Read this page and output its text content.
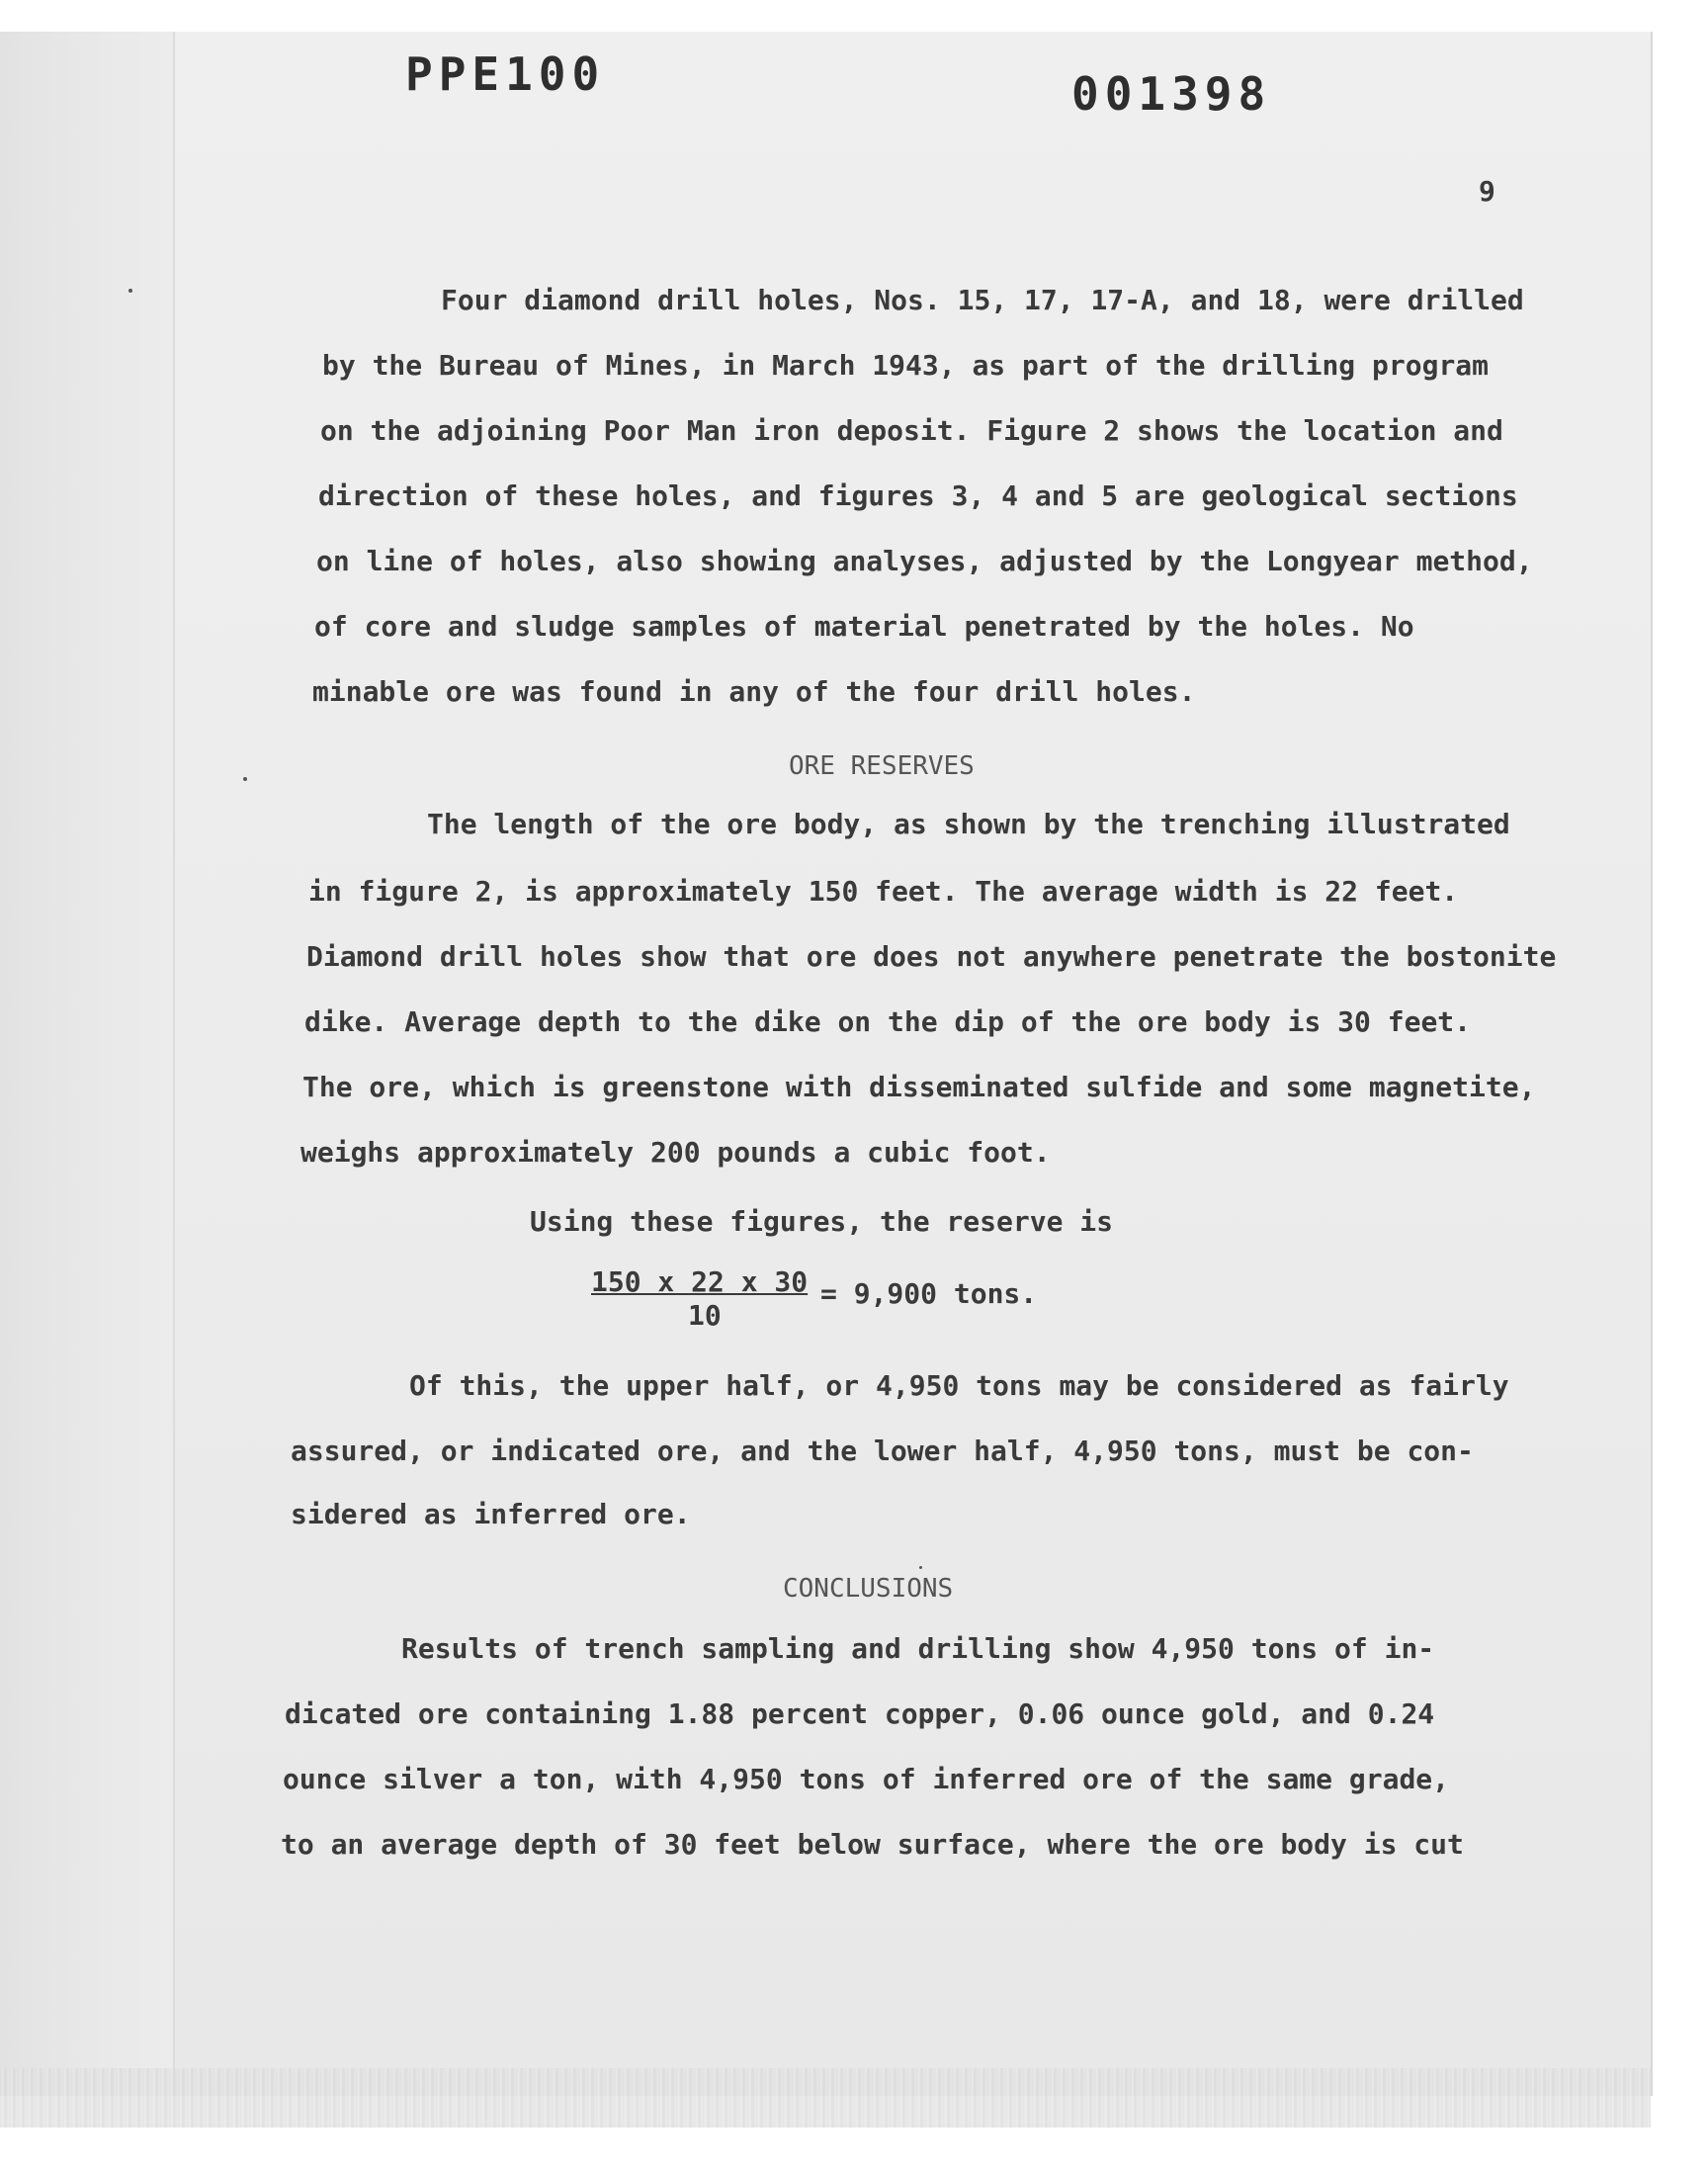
PPE100	001398
9
Four diamond drill holes, Nos. 15, 17, 17-A, and 18, were drilled
by the Bureau of Mines, in March 1943, as part of the drilling program
on the adjoining Poor Man iron deposit. Figure 2 shows the location and
direction of these holes, and figures 3, 4 and 5 are geological sections
on line of holes, also showing analyses, adjusted by the Longyear method,
of core and sludge samples of material penetrated by the holes. No
minable ore was found in any of the four drill holes.
ORE RESERVES
The length of the ore body, as shown by the trenching illustrated
in figure 2, is approximately 150 feet. The average width is 22 feet.
Diamond drill holes show that ore does not anywhere penetrate the bostonite
dike. Average depth to the dike on the dip of the ore body is 30 feet.
The ore, which is greenstone with disseminated sulfide and some magnetite,
weighs approximately 200 pounds a cubic foot.
Using these figures, the reserve is
150 x 22 x 30
10
= 9,900 tons.
Of this, the upper half, or 4,950 tons may be considered as fairly
assured, or indicated ore, and the lower half, 4,950 tons, must be con-
sidered as inferred ore.
CONCLUSIONS
Results of trench sampling and drilling show 4,950 tons of in-
dicated ore containing 1.88 percent copper, 0.06 ounce gold, and 0.24
ounce silver a ton, with 4,950 tons of inferred ore of the same grade,
to an average depth of 30 feet below surface, where the ore body is cut
